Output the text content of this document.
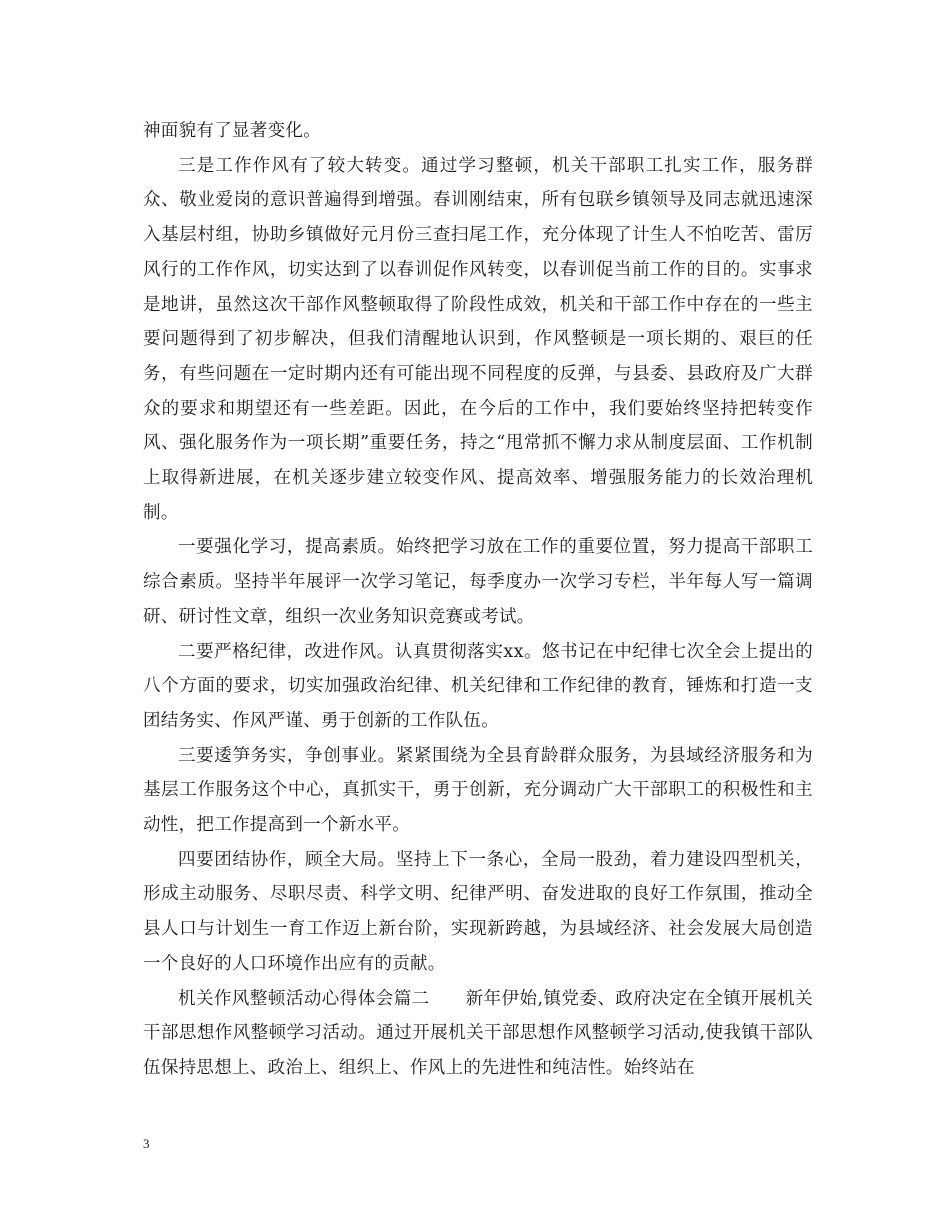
神面貌有了显著变化。

三是工作作风有了较大转变。通过学习整顿，机关干部职工扎实工作，服务群众、敬业爱岗的意识普遍得到增强。春训刚结束，所有包联乡镇领导及同志就迅速深入基层村组，协助乡镇做好元月份三查扫尾工作，充分体现了计生人不怕吃苦、雷厉风行的工作作风，切实达到了以春训促作风转变，以春训促当前工作的目的。实事求是地讲，虽然这次干部作风整顿取得了阶段性成效，机关和干部工作中存在的一些主要问题得到了初步解决，但我们清醒地认识到，作风整顿是一项长期的、艰巨的任务，有些问题在一定时期内还有可能出现不同程度的反弹，与县委、县政府及广大群众的要求和期望还有一些差距。因此，在今后的工作中，我们要始终坚持把转变作风、强化服务作为一项长期”重要任务，持之“甩常抓不懈力求从制度层面、工作机制上取得新进展，在机关逐步建立较变作风、提高效率、增强服务能力的长效治理机制。

一要强化学习，提高素质。始终把学习放在工作的重要位置，努力提高干部职工综合素质。坚持半年展评一次学习笔记，每季度办一次学习专栏，半年每人写一篇调研、研讨性文章，组织一次业务知识竞赛或考试。

二要严格纪律，改进作风。认真贯彻落实xx。悠书记在中纪律七次全会上提出的八个方面的要求，切实加强政治纪律、机关纪律和工作纪律的教育，锤炼和打造一支团结务实、作风严谨、勇于创新的工作队伍。

三要逶笋务实，争创事业。紧紧围绕为全县育龄群众服务，为县域经济服务和为基层工作服务这个中心，真抓实干，勇于创新，充分调动广大干部职工的积极性和主动性，把工作提高到一个新水平。

四要团结协作，顾全大局。坚持上下一条心，全局一股劲，着力建设四型机关，形成主动服务、尽职尽责、科学文明、纪律严明、奋发进取的良好工作氛围，推动全县人口与计划生一育工作迈上新台阶，实现新跨越，为县域经济、社会发展大局创造一个良好的人口环境作出应有的贡献。

机关作风整顿活动心得体会篇二　　新年伊始,镇党委、政府决定在全镇开展机关干部思想作风整顿学习活动。通过开展机关干部思想作风整顿学习活动,使我镇干部队伍保持思想上、政治上、组织上、作风上的先进性和纯洁性。始终站在

3
